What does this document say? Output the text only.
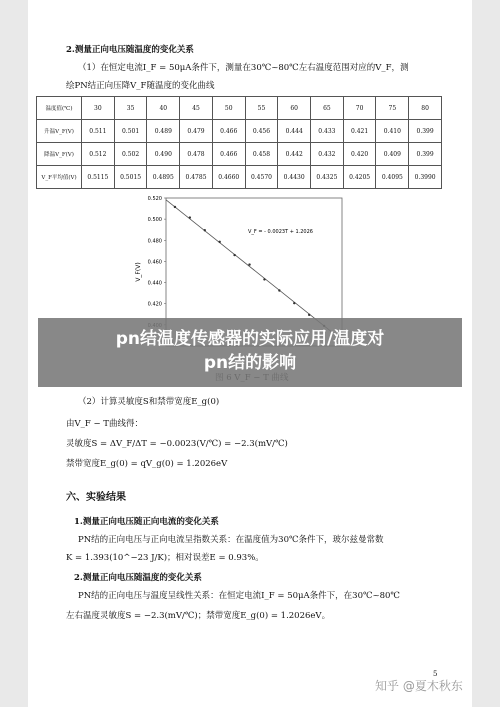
2.测量正向电压随温度的变化关系
（1）在恒定电流I_F = 50μA条件下，测量在30℃~80℃左右温度范围对应的V_F，测
绘PN结正向压降V_F随温度的变化曲线
温度值(℃)	30	35	40	45	50	55	60	65	70	75	80
升温V_F(V)	0.511	0.501	0.489	0.479	0.466	0.456	0.444	0.433	0.421	0.410	0.399
降温V_F(V)	0.512	0.502	0.490	0.478	0.466	0.458	0.442	0.432	0.420	0.409	0.399
V_F平均值(V)	0.5115	0.5015	0.4895	0.4785	0.4660	0.4570	0.4430	0.4325	0.4205	0.4095	0.3990
0.520
0.500
0.480
0.460
0.440
0.420
V_F(V)
V_F = - 0.0023T + 1.2026
pn结温度传感器的实际应用/温度对
pn结的影响
（2）计算灵敏度S和禁带宽度E_g(0)
由V_F − T曲线得：
灵敏度S = ΔV_F/ΔT = −0.0023(V/℃) = −2.3(mV/℃)
禁带宽度E_g(0) = qV_g(0) = 1.2026eV
六、实验结果
1.测量正向电压随正向电流的变化关系
PN结的正向电压与正向电流呈指数关系：在温度值为30℃条件下，玻尔兹曼常数
K = 1.393(10^−23 J/K)；相对误差E = 0.93%。
2.测量正向电压随温度的变化关系
PN结的正向电压与温度呈线性关系：在恒定电流I_F = 50μA条件下，在30℃~80℃
左右温度灵敏度S = −2.3(mV/℃)；禁带宽度E_g(0) = 1.2026eV。
5
知乎 @夏木秋东
